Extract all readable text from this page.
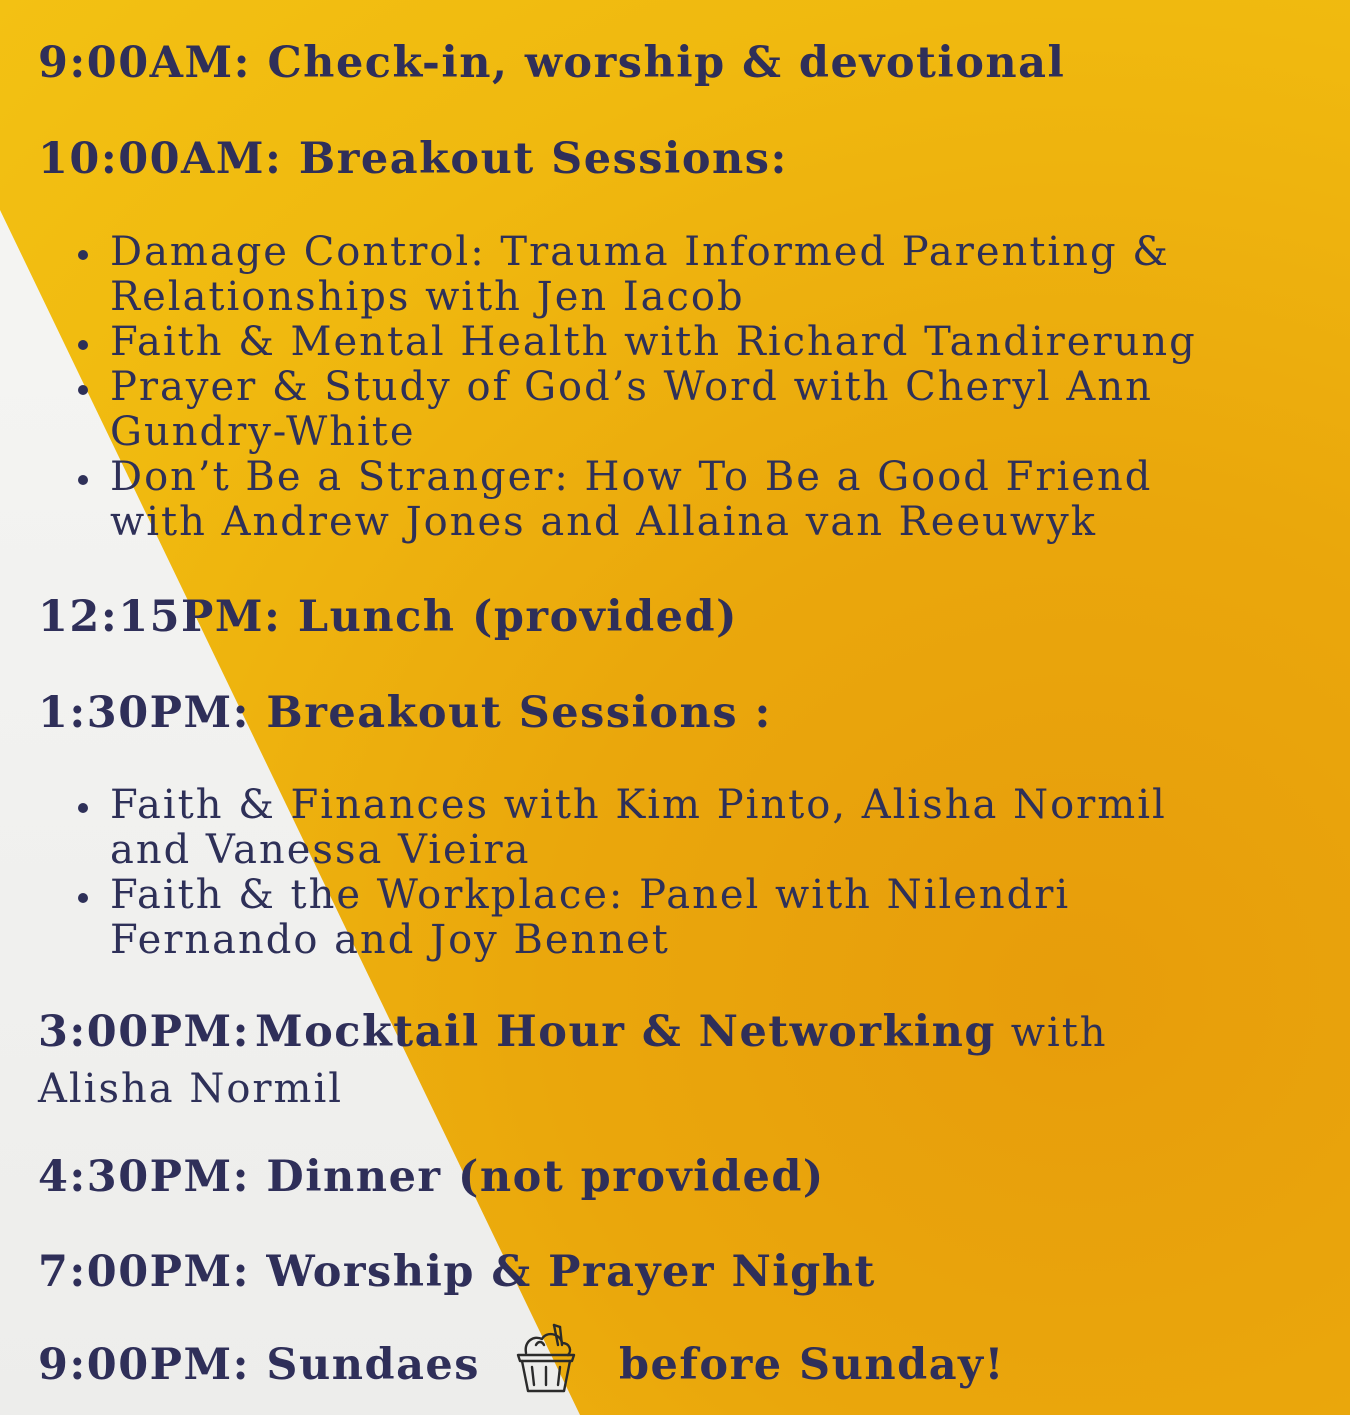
9:00AM: Check-in, worship & devotional
10:00AM: Breakout Sessions:
Damage Control: Trauma Informed Parenting & Relationships with Jen Iacob
Faith & Mental Health with Richard Tandirerung
Prayer & Study of God’s Word with Cheryl Ann Gundry-White
Don’t Be a Stranger: How To Be a Good Friend with Andrew Jones and Allaina van Reeuwyk
12:15PM: Lunch (provided)
1:30PM: Breakout Sessions :
Faith & Finances with Kim Pinto, Alisha Normil and Vanessa Vieira
Faith & the Workplace: Panel with Nilendri Fernando and Joy Bennet
3:00PM: Mocktail Hour & Networking with
Alisha Normil
4:30PM: Dinner (not provided)
7:00PM: Worship & Prayer Night
9:00PM: Sundaes	before Sunday!
